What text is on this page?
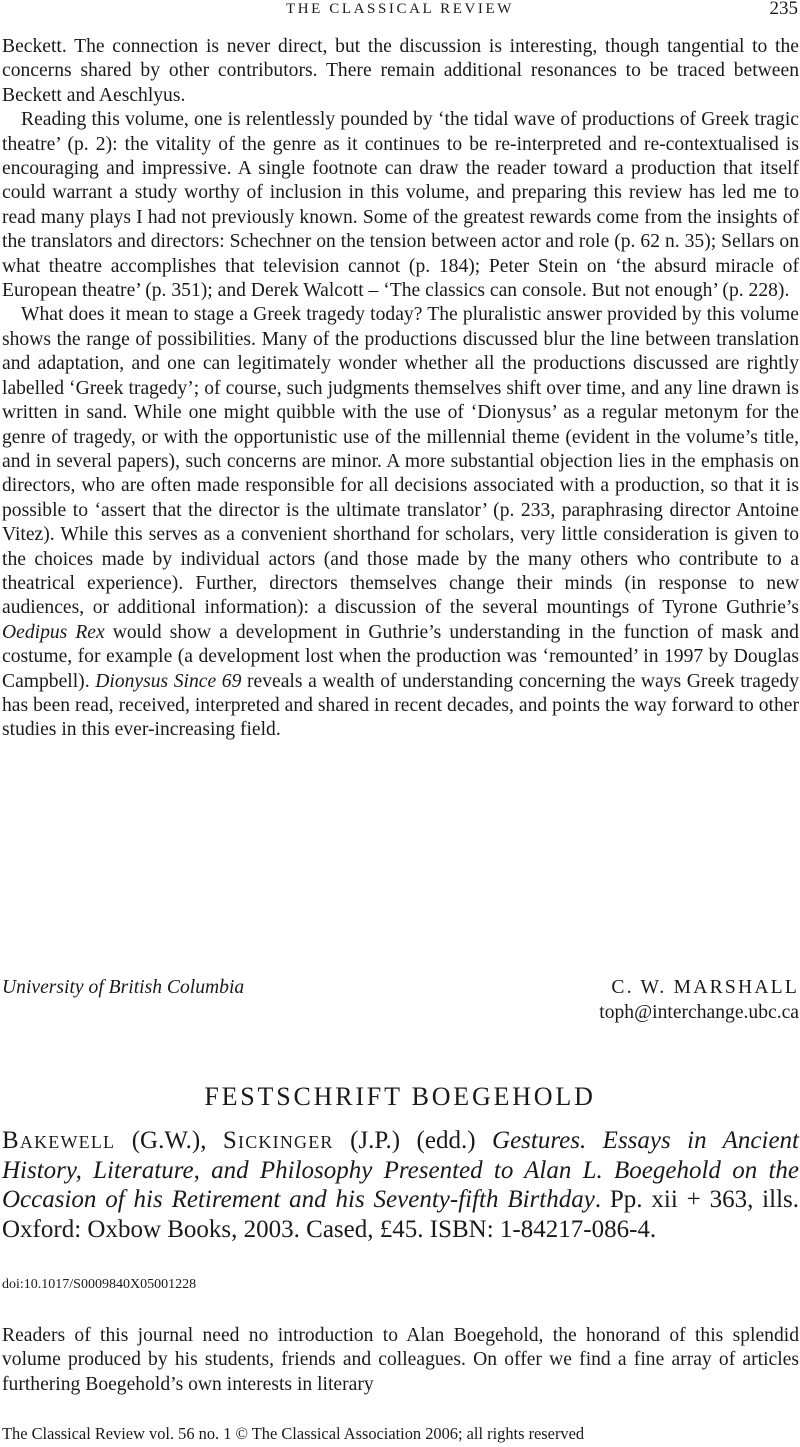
THE CLASSICAL REVIEW	235

Beckett. The connection is never direct, but the discussion is interesting, though tangential to the concerns shared by other contributors. There remain additional resonances to be traced between Beckett and Aeschlyus.

Reading this volume, one is relentlessly pounded by ‘the tidal wave of productions of Greek tragic theatre’ (p. 2): the vitality of the genre as it continues to be re-interpreted and re-contextualised is encouraging and impressive. A single footnote can draw the reader toward a production that itself could warrant a study worthy of inclusion in this volume, and preparing this review has led me to read many plays I had not previously known. Some of the greatest rewards come from the insights of the translators and directors: Schechner on the tension between actor and role (p. 62 n. 35); Sellars on what theatre accomplishes that television cannot (p. 184); Peter Stein on ‘the absurd miracle of European theatre’ (p. 351); and Derek Walcott – ‘The classics can console. But not enough’ (p. 228).

What does it mean to stage a Greek tragedy today? The pluralistic answer provided by this volume shows the range of possibilities. Many of the productions discussed blur the line between translation and adaptation, and one can legitimately wonder whether all the productions discussed are rightly labelled ‘Greek tragedy’; of course, such judgments themselves shift over time, and any line drawn is written in sand. While one might quibble with the use of ‘Dionysus’ as a regular metonym for the genre of tragedy, or with the opportunistic use of the millennial theme (evident in the volume’s title, and in several papers), such concerns are minor. A more substantial objection lies in the emphasis on directors, who are often made responsible for all decisions associated with a production, so that it is possible to ‘assert that the director is the ultimate translator’ (p. 233, paraphrasing director Antoine Vitez). While this serves as a convenient shorthand for scholars, very little consideration is given to the choices made by individual actors (and those made by the many others who contribute to a theatrical experience). Further, directors themselves change their minds (in response to new audiences, or additional information): a discussion of the several mountings of Tyrone Guthrie’s Oedipus Rex would show a development in Guthrie’s understanding in the function of mask and costume, for example (a development lost when the production was ‘remounted’ in 1997 by Douglas Campbell). Dionysus Since 69 reveals a wealth of understanding concerning the ways Greek tragedy has been read, received, interpreted and shared in recent decades, and points the way forward to other studies in this ever-increasing field.

University of British Columbia	C. W. MARSHALL
toph@interchange.ubc.ca
FESTSCHRIFT BOEGEHOLD
Bakewell (G.W.), Sickinger (J.P.) (edd.) Gestures. Essays in Ancient History, Literature, and Philosophy Presented to Alan L. Boegehold on the Occasion of his Retirement and his Seventy-fifth Birthday. Pp. xii + 363, ills. Oxford: Oxbow Books, 2003. Cased, £45. ISBN: 1-84217-086-4.
doi:10.1017/S0009840X05001228
Readers of this journal need no introduction to Alan Boegehold, the honorand of this splendid volume produced by his students, friends and colleagues. On offer we find a fine array of articles furthering Boegehold’s own interests in literary
The Classical Review vol. 56 no. 1 © The Classical Association 2006; all rights reserved
